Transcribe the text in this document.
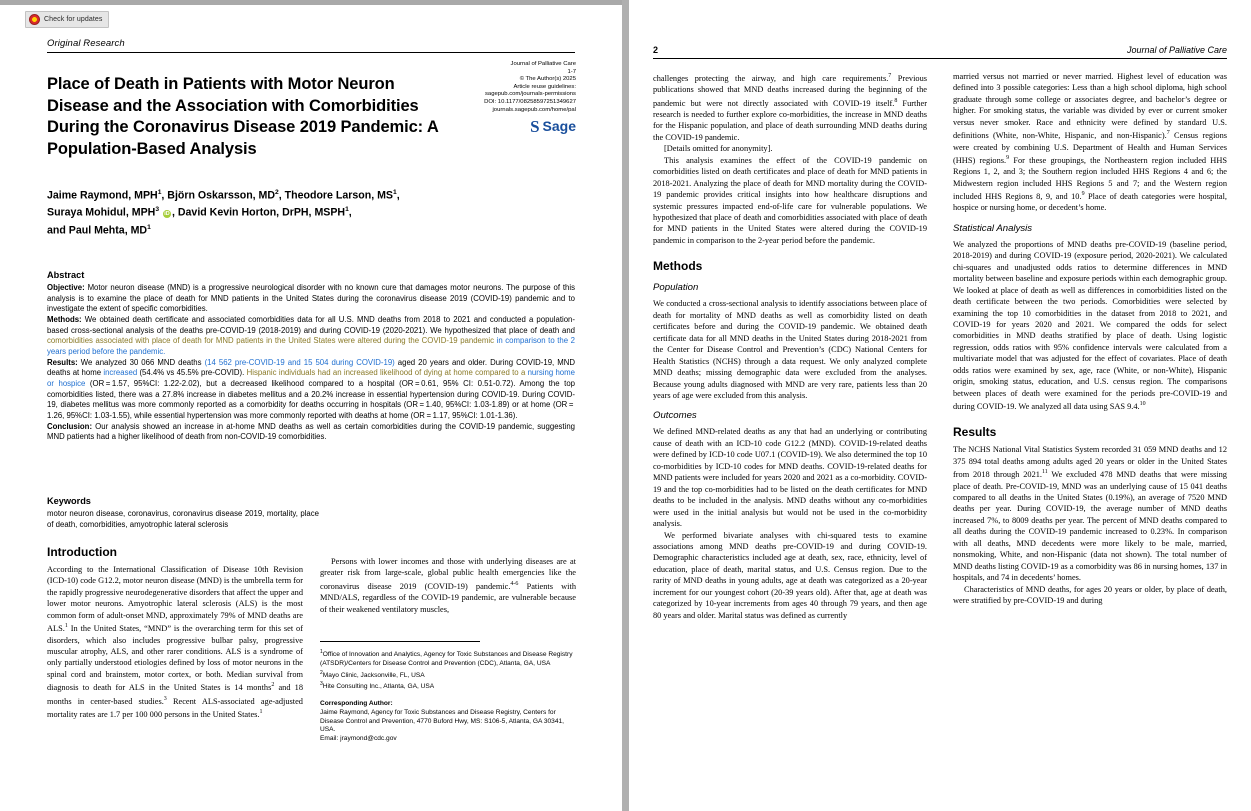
Check for updates
Original Research
Place of Death in Patients with Motor Neuron Disease and the Association with Comorbidities During the Coronavirus Disease 2019 Pandemic: A Population-Based Analysis
Journal of Palliative Care
1-7
© The Author(s) 2025
Article reuse guidelines:
sagepub.com/journals-permissions
DOI: 10.1177/08258597251349627
journals.sagepub.com/home/pal
S Sage
Jaime Raymond, MPH$^1$, Björn Oskarsson, $MD^2$, Theodore Larson, $MS^1$,
Suraya Mohidul, MPH$^3$ iD , David Kevin Horton, DrPH, MSPH$^1$,
and Paul Mehta, $MD^1$
Abstract

Objective: Motor neuron disease (MND) is a progressive neurological disorder with no known cure that damages motor neurons. The purpose of this analysis is to examine the place of death for MND patients in the United States during the coronavirus disease 2019 (COVID-19) pandemic and to investigate the extent of specific comorbidities.

Methods: We obtained death certificate and associated comorbidities data for all U.S. MND deaths from 2018 to 2021 and conducted a population-based cross-sectional analysis of the deaths pre-COVID-19 (2018-2019) and during COVID-19 (2020-2021). We hypothesized that place of death and comorbidities associated with place of death for MND patients in the United States were altered during the COVID-19 pandemic in comparison to the 2 years period before the pandemic.

Results: We analyzed 30 066 MND deaths (14 562 pre-COVID-19 and 15 504 during COVID-19) aged 20 years and older. During COVID-19, MND deaths at home increased (54.4% vs 45.5% pre-COVID). Hispanic individuals had an increased likelihood of dying at home compared to a nursing home or hospice (OR = 1.57, 95%CI: 1.22-2.02), but a decreased likelihood compared to a hospital (OR = 0.61, 95% CI: 0.51-0.72). Among the top comorbidities listed, there was a 27.8% increase in diabetes mellitus and a 20.2% increase in essential hypertension during COVID-19. During COVID-19, diabetes mellitus was more commonly reported as a comorbidity for deaths occurring in hospitals (OR = 1.40, 95%CI: 1.03-1.89) or at home (OR = 1.26, 95%CI: 1.03-1.55), while essential hypertension was more commonly reported with deaths at home (OR = 1.17, 95%CI: 1.01-1.36).

Conclusion: Our analysis showed an increase in at-home MND deaths as well as certain comorbidities during the COVID-19 pandemic, suggesting MND patients had a higher likelihood of death from non-COVID-19 comorbidities.

Keywords
motor neuron disease, coronavirus, coronavirus disease 2019, mortality, place of death, comorbidities, amyotrophic lateral sclerosis
Introduction

According to the International Classification of Disease 10th Revision (ICD-10) code G12.2, motor neuron disease (MND) is the umbrella term for the rapidly progressive neurodegenerative disorders that affect the upper and lower motor neurons. Amyotrophic lateral sclerosis (ALS) is the most common form of adult-onset MND, approximately 79% of MND deaths are ALS.$^1$ In the United States, “MND” is the overarching term for this set of disorders, which also includes progressive bulbar palsy, progressive muscular atrophy, ALS, and other rarer conditions. ALS is a syndrome of only partially understood etiologies defined by loss of motor neurons in the spinal cord and brainstem, motor cortex, or both. Median survival from diagnosis to death for ALS in the United States is 14 months$^2$ and 18 months in center-based studies.$^3$ Recent ALS-associated age-adjusted mortality rates are 1.7 per 100 000 persons in the United States.$^1$

Persons with lower incomes and those with underlying diseases are at greater risk from large-scale, global public health emergencies like the coronavirus disease 2019 (COVID-19) pandemic.$^{4-6}$ Patients with MND/ALS, regardless of the COVID-19 pandemic, are vulnerable because of their weakened ventilatory muscles,

$^1$Office of Innovation and Analytics, Agency for Toxic Substances and Disease Registry (ATSDR)/Centers for Disease Control and Prevention (CDC), Atlanta, GA, USA

$^2$Mayo Clinic, Jacksonville, FL, USA

$^3$Hite Consulting Inc., Atlanta, GA, USA

Corresponding Author:
Jaime Raymond, Agency for Toxic Substances and Disease Registry, Centers for Disease Control and Prevention, 4770 Buford Hwy, MS: S106-5, Atlanta, GA 30341, USA.
Email: jraymond@cdc.gov
2	Journal of Palliative Care

challenges protecting the airway, and high care requirements.$^7$ Previous publications showed that MND deaths increased during the beginning of the pandemic but were not directly associated with COVID-19 itself.$^8$ Further research is needed to further explore co-morbidities, the increase in MND deaths for the Hispanic population, and place of death surrounding MND deaths during the COVID-19 pandemic.

[Details omitted for anonymity].

This analysis examines the effect of the COVID-19 pandemic on comorbidities listed on death certificates and place of death for MND patients in 2018-2021. Analyzing the place of death for MND mortality during the COVID-19 pandemic provides critical insights into how healthcare disruptions and systemic pressures impacted end-of-life care for vulnerable populations. We hypothesized that place of death and comorbidities associated with place of death for MND patients in the United States were altered during the COVID-19 pandemic in comparison to the 2-year period before the pandemic.

Methods
Population

We conducted a cross-sectional analysis to identify associations between place of death for mortality of MND deaths as well as comorbidity listed on death certificates before and during the COVID-19 pandemic. We obtained death certificate data for all MND deaths in the United States during 2018-2021 from the Center for Disease Control and Prevention’s (CDC) National Centers for Health Statistics (NCHS) through a data request. We only analyzed complete MND deaths; missing demographic data were excluded from the analyses. Because young adults diagnosed with MND are very rare, patients less than 20 years of age were excluded from this analysis.

Outcomes

We defined MND-related deaths as any that had an underlying or contributing cause of death with an ICD-10 code G12.2 (MND). COVID-19-related deaths were defined by ICD-10 code U07.1 (COVID-19). We also determined the top 10 co-morbidities by ICD-10 codes for MND deaths. COVID-19-related deaths for MND patients were included for years 2020 and 2021 as a co-morbidity. COVID-19 and the top co-morbidities had to be listed on the death certificates for MND deaths to be included in the analysis. MND deaths without any co-morbidities were used in the initial analysis but would not be used in the co-morbidity analysis.

We performed bivariate analyses with chi-squared tests to examine associations among MND deaths pre-COVID-19 and during COVID-19. Demographic characteristics included age at death, sex, race, ethnicity, level of education, place of death, marital status, and U.S. Census region. Due to the rarity of MND deaths in young adults, age at death was categorized as a 20-year increment for our youngest cohort (20-39 years old). After that, age at death was categorized by 10-year increments from ages 40 through 79 years, and then age 80 years and older. Marital status was defined as currently

married versus not married or never married. Highest level of education was defined into 3 possible categories: Less than a high school diploma, high school graduate through some college or associates degree, and bachelor’s degree or higher. For smoking status, the variable was divided by ever or current smoker versus never smoker. Race and ethnicity were defined by standard U.S. definitions (White, non-White, Hispanic, and non-Hispanic).$^7$ Census regions were created by combining U.S. Department of Health and Human Services (HHS) regions.$^9$ For these groupings, the Northeastern region included HHS Regions 1, 2, and 3; the Southern region included HHS Regions 4 and 6; the Midwestern region included HHS Regions 5 and 7; and the Western region included HHS Regions 8, 9, and 10.$^9$ Place of death categories were hospital, hospice or nursing home, or decedent’s home.

Statistical Analysis

We analyzed the proportions of MND deaths pre-COVID-19 (baseline period, 2018-2019) and during COVID-19 (exposure period, 2020-2021). We calculated chi-squares and unadjusted odds ratios to determine differences in MND mortality between baseline and exposure periods within each demographic group. We looked at place of death as well as differences in comorbidities listed on the death certificate between the two periods. Comorbidities were selected by examining the top 10 comorbidities in the dataset from 2018 to 2021, and COVID-19 for years 2020 and 2021. We compared the odds for select comorbidities in MND deaths stratified by place of death. Using logistic regression, odds ratios with 95% confidence intervals were calculated from a multivariate model that was adjusted for the effect of covariates. Place of death odds ratios were examined by sex, age, race (White, or non-White), Hispanic origin, smoking status, education, and U.S. census region. The comparisons between places of death were examined for the periods pre-COVID-19 and during COVID-19. We analyzed all data using SAS 9.4.10

Results

The NCHS National Vital Statistics System recorded 31 059 MND deaths and 12 375 894 total deaths among adults aged 20 years or older in the United States from 2018 through 2021.11 We excluded 478 MND deaths that were missing place of death. Pre-COVID-19, MND was an underlying cause of 15 041 deaths compared to all deaths in the United States (0.19%), an average of 7520 MND deaths per year. During COVID-19, the average number of MND deaths increased 7%, to 8009 deaths per year. The percent of MND deaths compared to all deaths during the COVID-19 pandemic increased to 0.23%. In comparison with all deaths, MND decedents were more likely to be male, married, nonsmoking, White, and non-Hispanic (data not shown). The total number of MND deaths listing COVID-19 as a comorbidity was 86 in nursing homes, 137 in hospitals, and 74 in decedents’ homes.

Characteristics of MND deaths, for ages 20 years or older, by place of death, were stratified by pre-COVID-19 and during
